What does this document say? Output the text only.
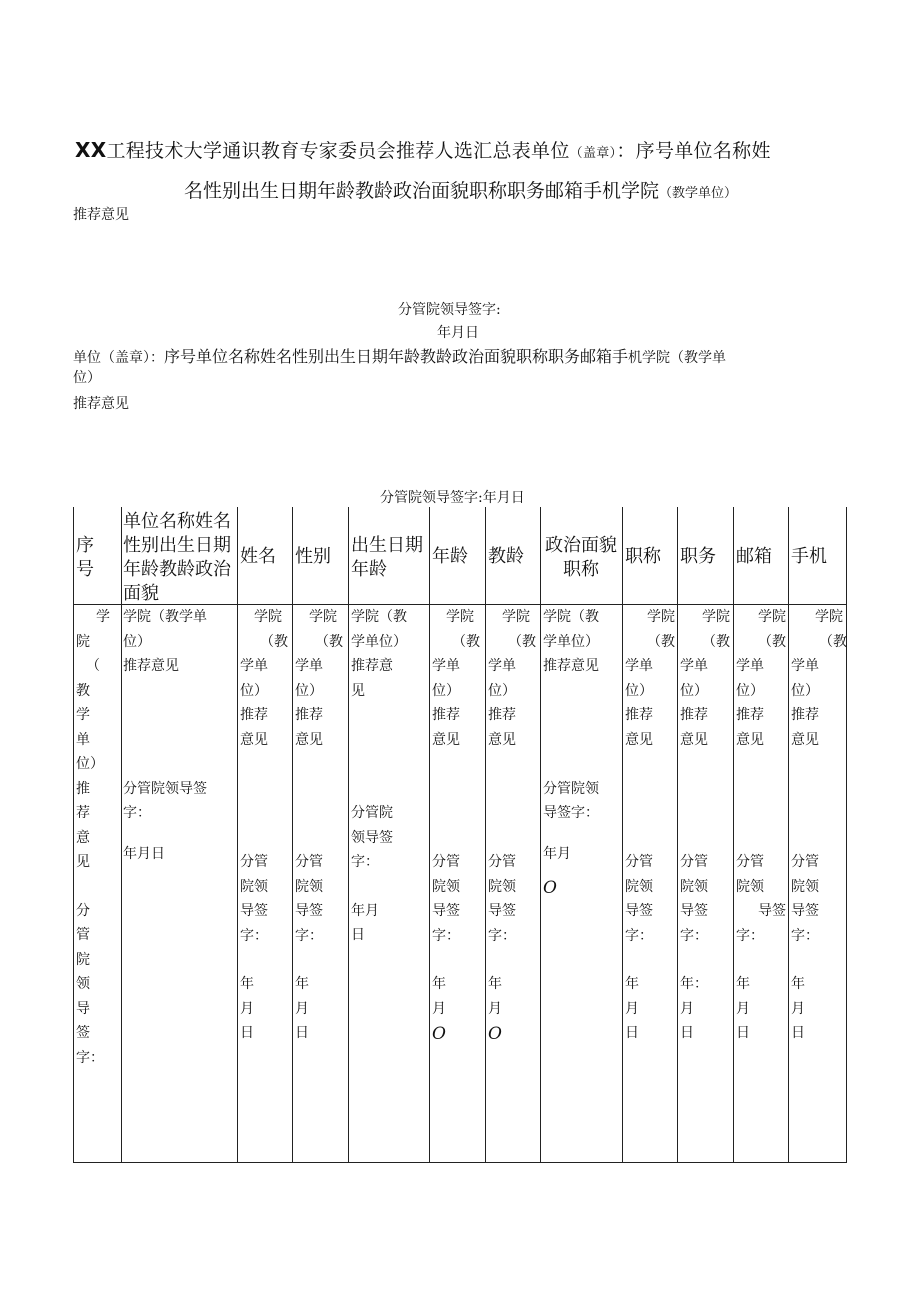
XX工程技术大学通识教育专家委员会推荐人选汇总表单位（盖章）：序号单位名称姓
名性别出生日期年龄教龄政治面貌职称职务邮箱手机学院（教学单位）
推荐意见
分管院领导签字:
年月日
单位（盖章）：序号单位名称姓名性别出生日期年龄教龄政治面貌职称职务邮箱手机学院（教学单
位）
推荐意见
分管院领导签字:年月日
序号
单位名称姓名
性别出生日期
年龄教龄政治
面貌
姓名 性别
出生日期
年龄
年龄 教龄
政治面貌
职称
职称 职务 邮箱 手机
学
院
（
教
学
单
位）
推
荐
意
见
分
管
院
领
导
签
字：
学院（教学单
位）
推荐意见
分管院领导签
字：
年月日
学院
（教
学单
位）
推荐
意见
分管
院领
导签
字：
年
月
日
学院
（教
学单
位）
推荐
意见
分管
院领
导签
字：
年
月
日
学院（教
学单位）
推荐意
见
分管院
领导签
字：
年月
日
学院
（教
学单
位）
推荐
意见
分管
院领
导签
字：
年
月
学院
（教
学单
位）
推荐
意见
分管
院领
导签
字：
年
月
学院（教
学单位）
推荐意见
分管院领
导签字：
年月
学院
（教
学单
位）
推荐
意见
分管
院领
导签
字：
年
月
日
学院
（教
学单
位）
推荐
意见
分管
院领
导签
字：
年：
月
日
学院
（教
学单
位）
推荐
意见
分管
院领
导签
字：
年
月
日
学院
（教
学单
位）
推荐
意见
分管
院领
导签
字：
年
月
日
O
O O
